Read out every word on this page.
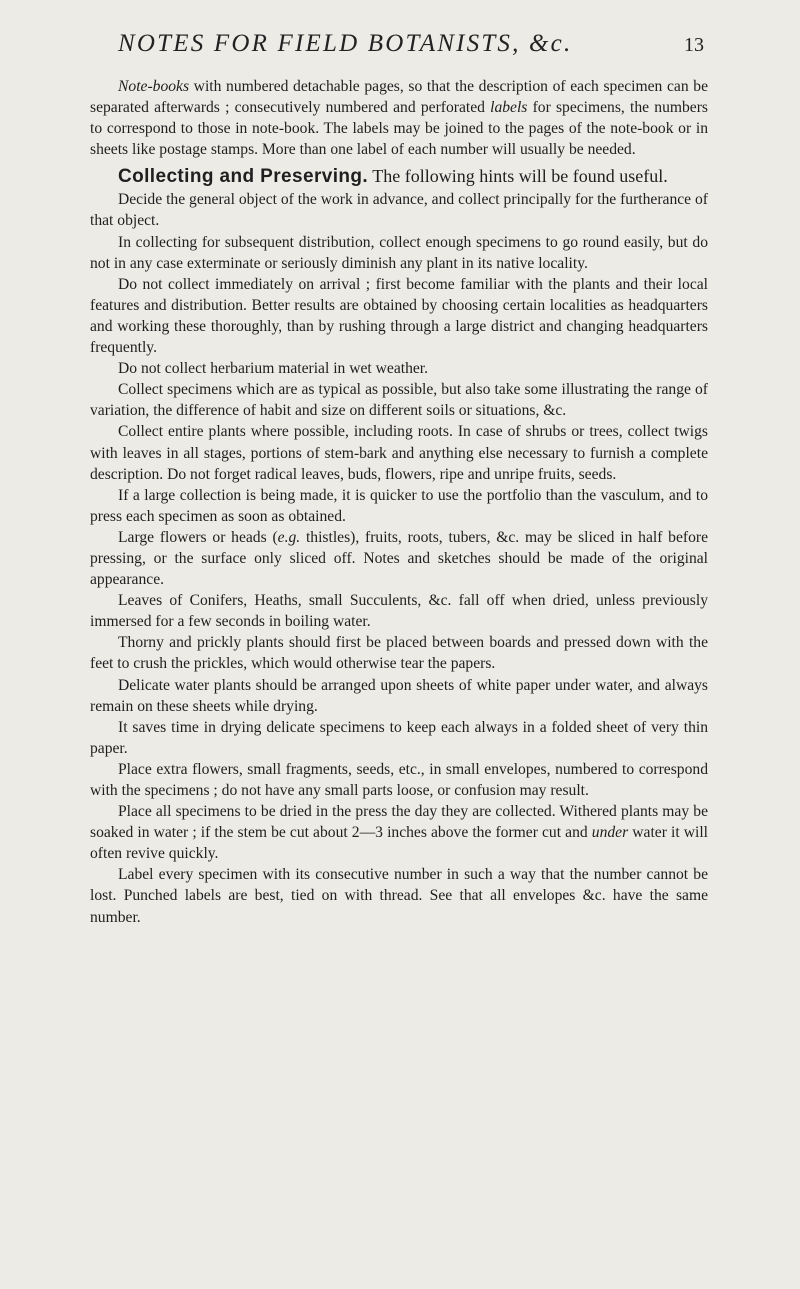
NOTES FOR FIELD BOTANISTS, &c.	13

Note-books with numbered detachable pages, so that the description of each specimen can be separated afterwards ; consecutively numbered and perforated labels for specimens, the numbers to correspond to those in note-book. The labels may be joined to the pages of the note-book or in sheets like postage stamps. More than one label of each number will usually be needed.

Collecting and Preserving. The following hints will be found useful.

Decide the general object of the work in advance, and collect principally for the furtherance of that object.

In collecting for subsequent distribution, collect enough specimens to go round easily, but do not in any case exterminate or seriously diminish any plant in its native locality.

Do not collect immediately on arrival ; first become familiar with the plants and their local features and distribution. Better results are obtained by choosing certain localities as headquarters and working these thoroughly, than by rushing through a large district and changing headquarters frequently.

Do not collect herbarium material in wet weather.

Collect specimens which are as typical as possible, but also take some illustrating the range of variation, the difference of habit and size on different soils or situations, &c.

Collect entire plants where possible, including roots. In case of shrubs or trees, collect twigs with leaves in all stages, portions of stem-bark and anything else necessary to furnish a complete description. Do not forget radical leaves, buds, flowers, ripe and unripe fruits, seeds.

If a large collection is being made, it is quicker to use the portfolio than the vasculum, and to press each specimen as soon as obtained.

Large flowers or heads (e.g. thistles), fruits, roots, tubers, &c. may be sliced in half before pressing, or the surface only sliced off. Notes and sketches should be made of the original appearance.

Leaves of Conifers, Heaths, small Succulents, &c. fall off when dried, unless previously immersed for a few seconds in boiling water.

Thorny and prickly plants should first be placed between boards and pressed down with the feet to crush the prickles, which would otherwise tear the papers.

Delicate water plants should be arranged upon sheets of white paper under water, and always remain on these sheets while drying.

It saves time in drying delicate specimens to keep each always in a folded sheet of very thin paper.

Place extra flowers, small fragments, seeds, etc., in small envelopes, numbered to correspond with the specimens ; do not have any small parts loose, or confusion may result.

Place all specimens to be dried in the press the day they are collected. Withered plants may be soaked in water ; if the stem be cut about 2—3 inches above the former cut and under water it will often revive quickly.

Label every specimen with its consecutive number in such a way that the number cannot be lost. Punched labels are best, tied on with thread. See that all envelopes &c. have the same number.
